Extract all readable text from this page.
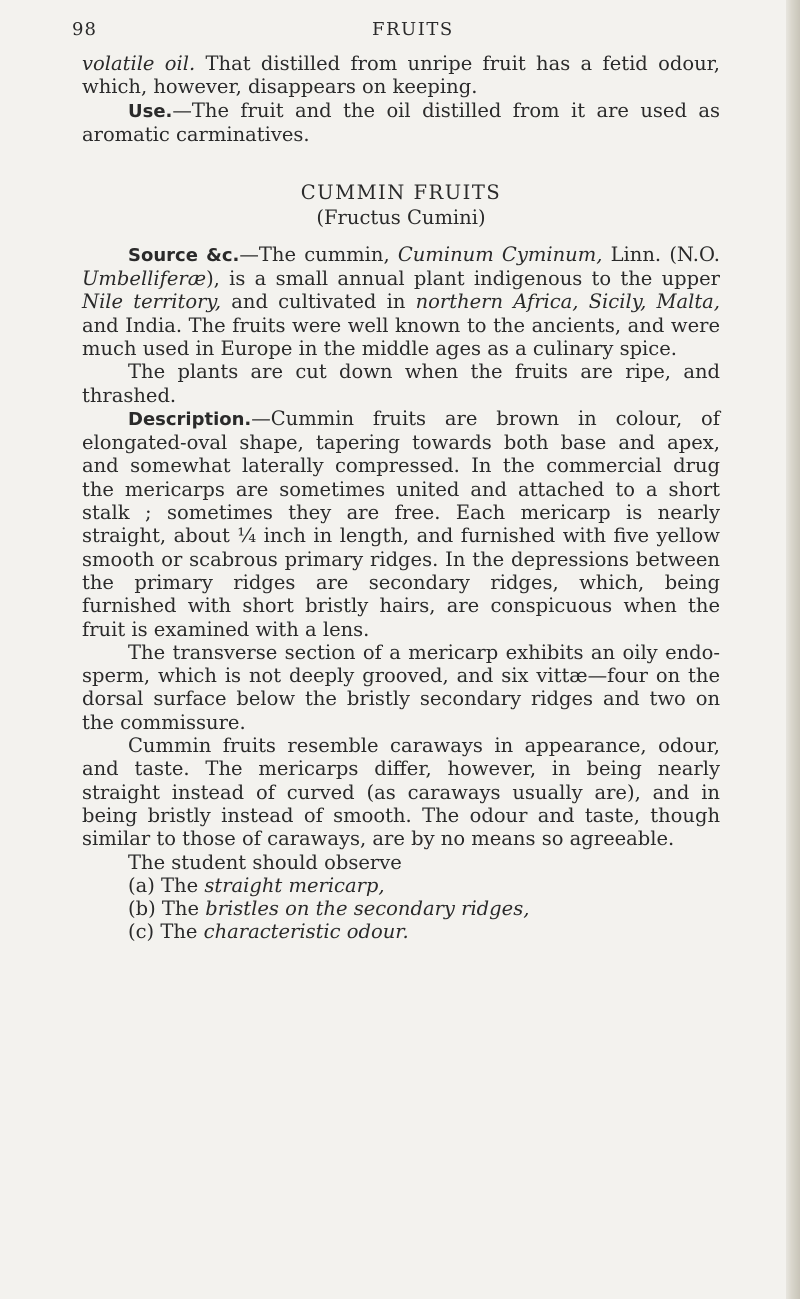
98	FRUITS

volatile oil. That distilled from unripe fruit has a fetid odour, which, however, disappears on keeping.

Use.—The fruit and the oil distilled from it are used as aromatic carminatives.

CUMMIN FRUITS

(Fructus Cumini)

Source &c.—The cummin, Cuminum Cyminum, Linn. (N.O. Umbelliferæ), is a small annual plant indigenous to the upper Nile territory, and cultivated in northern Africa, Sicily, Malta, and India. The fruits were well known to the ancients, and were much used in Europe in the middle ages as a culinary spice.

The plants are cut down when the fruits are ripe, and thrashed.

Description.—Cummin fruits are brown in colour, of elongated-oval shape, tapering towards both base and apex, and somewhat laterally compressed. In the commercial drug the mericarps are sometimes united and attached to a short stalk ; sometimes they are free. Each mericarp is nearly straight, about ¼ inch in length, and furnished with five yellow smooth or scabrous primary ridges. In the depressions between the primary ridges are secondary ridges, which, being furnished with short bristly hairs, are conspicuous when the fruit is examined with a lens.

The transverse section of a mericarp exhibits an oily endo-sperm, which is not deeply grooved, and six vittæ—four on the dorsal surface below the bristly secondary ridges and two on the commissure.

Cummin fruits resemble caraways in appearance, odour, and taste. The mericarps differ, however, in being nearly straight instead of curved (as caraways usually are), and in being bristly instead of smooth. The odour and taste, though similar to those of caraways, are by no means so agreeable.

The student should observe

(a) The straight mericarp,
(b) The bristles on the secondary ridges,
(c) The characteristic odour.
